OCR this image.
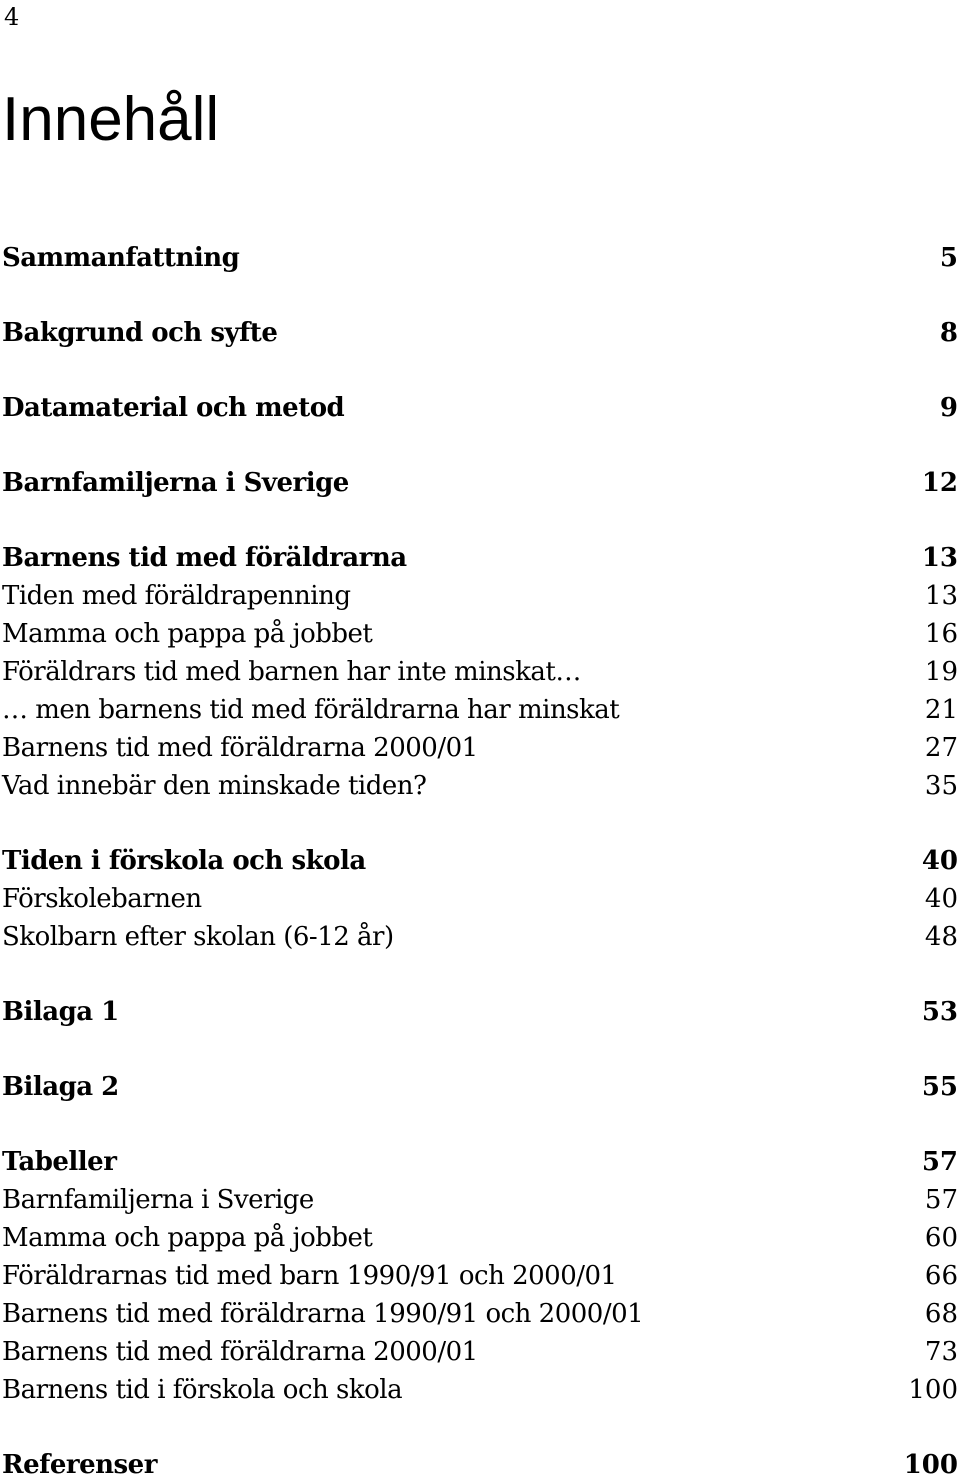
4
Innehåll
Sammanfattning	5
Bakgrund och syfte	8
Datamaterial och metod	9
Barnfamiljerna i Sverige	12
Barnens tid med föräldrarna	13
Tiden med föräldrapenning	13
Mamma och pappa på jobbet	16
Föräldrars tid med barnen har inte minskat…	19
… men barnens tid med föräldrarna har minskat	21
Barnens tid med föräldrarna 2000/01	27
Vad innebär den minskade tiden?	35
Tiden i förskola och skola	40
Förskolebarnen	40
Skolbarn efter skolan (6-12 år)	48
Bilaga 1	53
Bilaga 2	55
Tabeller	57
Barnfamiljerna i Sverige	57
Mamma och pappa på jobbet	60
Föräldrarnas tid med barn 1990/91 och 2000/01	66
Barnens tid med föräldrarna 1990/91 och 2000/01	68
Barnens tid med föräldrarna 2000/01	73
Barnens tid i förskola och skola	100
Referenser	100
